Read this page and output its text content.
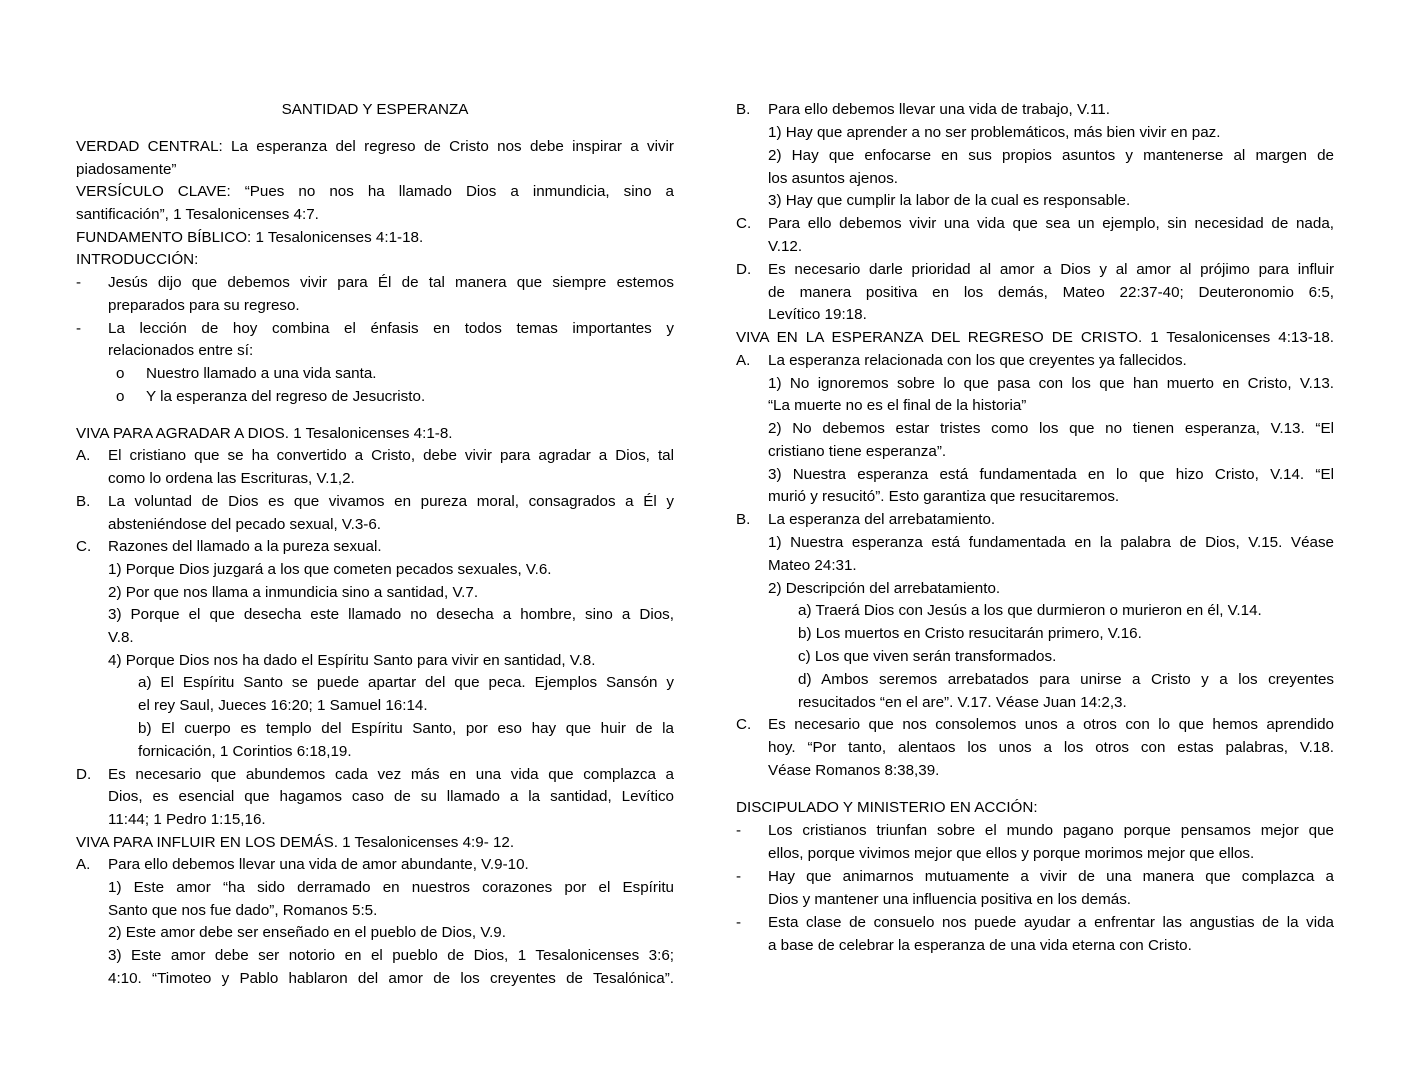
SANTIDAD Y ESPERANZA
VERDAD CENTRAL: La esperanza del regreso de Cristo nos debe inspirar a vivir
piadosamente”
VERSÍCULO CLAVE: “Pues no nos ha llamado Dios a inmundicia, sino a
santificación”, 1 Tesalonicenses 4:7.
FUNDAMENTO BÍBLICO: 1 Tesalonicenses 4:1-18.
INTRODUCCIÓN:
- Jesús dijo que debemos vivir para Él de tal manera que siempre estemos
preparados para su regreso.
- La lección de hoy combina el énfasis en todos temas importantes y
relacionados entre sí:
o Nuestro llamado a una vida santa.
o Y la esperanza del regreso de Jesucristo.
VIVA PARA AGRADAR A DIOS. 1 Tesalonicenses 4:1-8.
A. El cristiano que se ha convertido a Cristo, debe vivir para agradar a Dios, tal
como lo ordena las Escrituras, V.1,2.
B. La voluntad de Dios es que vivamos en pureza moral, consagrados a Él y
absteniéndose del pecado sexual, V.3-6.
C. Razones del llamado a la pureza sexual.
1) Porque Dios juzgará a los que cometen pecados sexuales, V.6.
2) Por que nos llama a inmundicia sino a santidad, V.7.
3) Porque el que desecha este llamado no desecha a hombre, sino a Dios,
V.8.
4) Porque Dios nos ha dado el Espíritu Santo para vivir en santidad, V.8.
a) El Espíritu Santo se puede apartar del que peca. Ejemplos Sansón y
el rey Saul, Jueces 16:20; 1 Samuel 16:14.
b) El cuerpo es templo del Espíritu Santo, por eso hay que huir de la
fornicación, 1 Corintios 6:18,19.
D. Es necesario que abundemos cada vez más en una vida que complazca a
Dios, es esencial que hagamos caso de su llamado a la santidad, Levítico
11:44; 1 Pedro 1:15,16.
VIVA PARA INFLUIR EN LOS DEMÁS. 1 Tesalonicenses 4:9- 12.
A. Para ello debemos llevar una vida de amor abundante, V.9-10.
1) Este amor “ha sido derramado en nuestros corazones por el Espíritu
Santo que nos fue dado”, Romanos 5:5.
2) Este amor debe ser enseñado en el pueblo de Dios, V.9.
3) Este amor debe ser notorio en el pueblo de Dios, 1 Tesalonicenses 3:6;
4:10. “Timoteo y Pablo hablaron del amor de los creyentes de Tesalónica”.
B. Para ello debemos llevar una vida de trabajo, V.11.
1) Hay que aprender a no ser problemáticos, más bien vivir en paz.
2) Hay que enfocarse en sus propios asuntos y mantenerse al margen de
los asuntos ajenos.
3) Hay que cumplir la labor de la cual es responsable.
C. Para ello debemos vivir una vida que sea un ejemplo, sin necesidad de nada,
V.12.
D. Es necesario darle prioridad al amor a Dios y al amor al prójimo para influir
de manera positiva en los demás, Mateo 22:37-40; Deuteronomio 6:5,
Levítico 19:18.
VIVA EN LA ESPERANZA DEL REGRESO DE CRISTO. 1 Tesalonicenses 4:13-18.
A. La esperanza relacionada con los que creyentes ya fallecidos.
1) No ignoremos sobre lo que pasa con los que han muerto en Cristo, V.13.
“La muerte no es el final de la historia”
2) No debemos estar tristes como los que no tienen esperanza, V.13. “El
cristiano tiene esperanza”.
3) Nuestra esperanza está fundamentada en lo que hizo Cristo, V.14. “El
murió y resucitó”. Esto garantiza que resucitaremos.
B. La esperanza del arrebatamiento.
1) Nuestra esperanza está fundamentada en la palabra de Dios, V.15. Véase
Mateo 24:31.
2) Descripción del arrebatamiento.
a) Traerá Dios con Jesús a los que durmieron o murieron en él, V.14.
b) Los muertos en Cristo resucitarán primero, V.16.
c) Los que viven serán transformados.
d) Ambos seremos arrebatados para unirse a Cristo y a los creyentes
resucitados “en el are”. V.17. Véase Juan 14:2,3.
C. Es necesario que nos consolemos unos a otros con lo que hemos aprendido
hoy. “Por tanto, alentaos los unos a los otros con estas palabras, V.18.
Véase Romanos 8:38,39.
DISCIPULADO Y MINISTERIO EN ACCIÓN:
- Los cristianos triunfan sobre el mundo pagano porque pensamos mejor que
ellos, porque vivimos mejor que ellos y porque morimos mejor que ellos.
- Hay que animarnos mutuamente a vivir de una manera que complazca a
Dios y mantener una influencia positiva en los demás.
- Esta clase de consuelo nos puede ayudar a enfrentar las angustias de la vida
a base de celebrar la esperanza de una vida eterna con Cristo.
